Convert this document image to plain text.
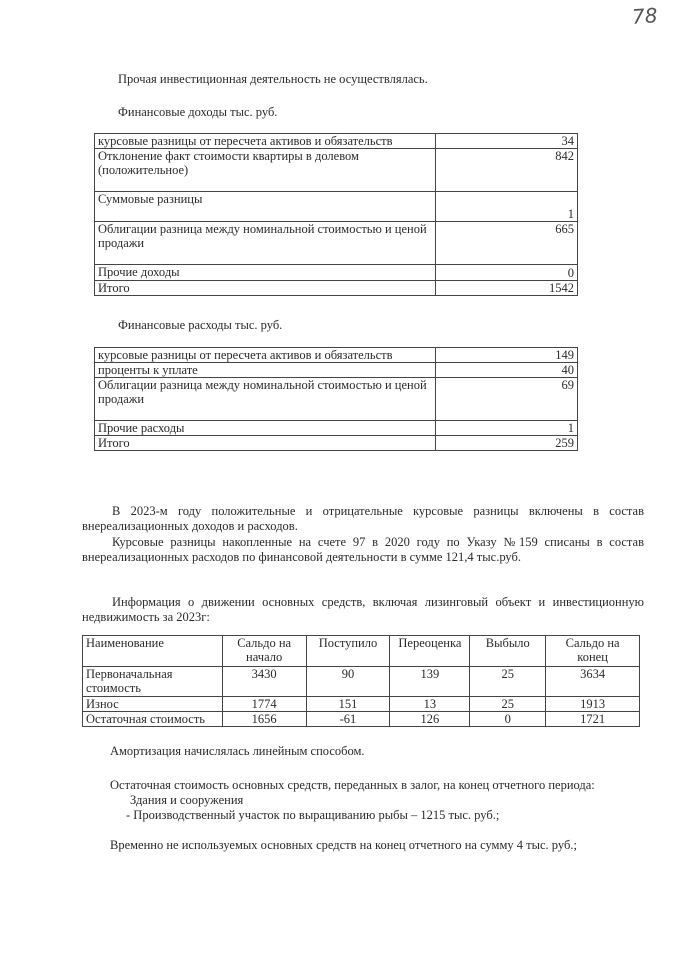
78
Прочая инвестиционная деятельность не осуществлялась.
Финансовые доходы тыс. руб.
курсовые разницы от пересчета активов и обязательств	34
Отклонение факт стоимости квартиры в долевом (положительное)	842
Суммовые разницы	1
Облигации разница между номинальной стоимостью и ценой продажи	665
Прочие доходы	0
Итого	1542
Финансовые расходы тыс. руб.
курсовые разницы от пересчета активов и обязательств	149
проценты к уплате	40
Облигации разница между номинальной стоимостью и ценой продажи	69
Прочие расходы	1
Итого	259
В 2023-м году положительные и отрицательные курсовые разницы включены в состав внереализационных доходов и расходов.
Курсовые разницы накопленные на счете 97 в 2020 году по Указу №159 списаны в состав внереализационных расходов по финансовой деятельности в сумме 121,4 тыс.руб.
Информация о движении основных средств, включая лизинговый объект и инвестиционную недвижимость за 2023г:
Наименование	Сальдо на начало	Поступило	Переоценка	Выбыло	Сальдо на конец
Первоначальная стоимость	3430	90	139	25	3634
Износ	1774	151	13	25	1913
Остаточная стоимость	1656	-61	126	0	1721
Амортизация начислялась линейным способом.
Остаточная стоимость основных средств, переданных в залог, на конец отчетного периода:
Здания и сооружения
- Производственный участок по выращиванию рыбы – 1215 тыс. руб.;
Временно не используемых основных средств на конец отчетного на сумму 4 тыс. руб.;
